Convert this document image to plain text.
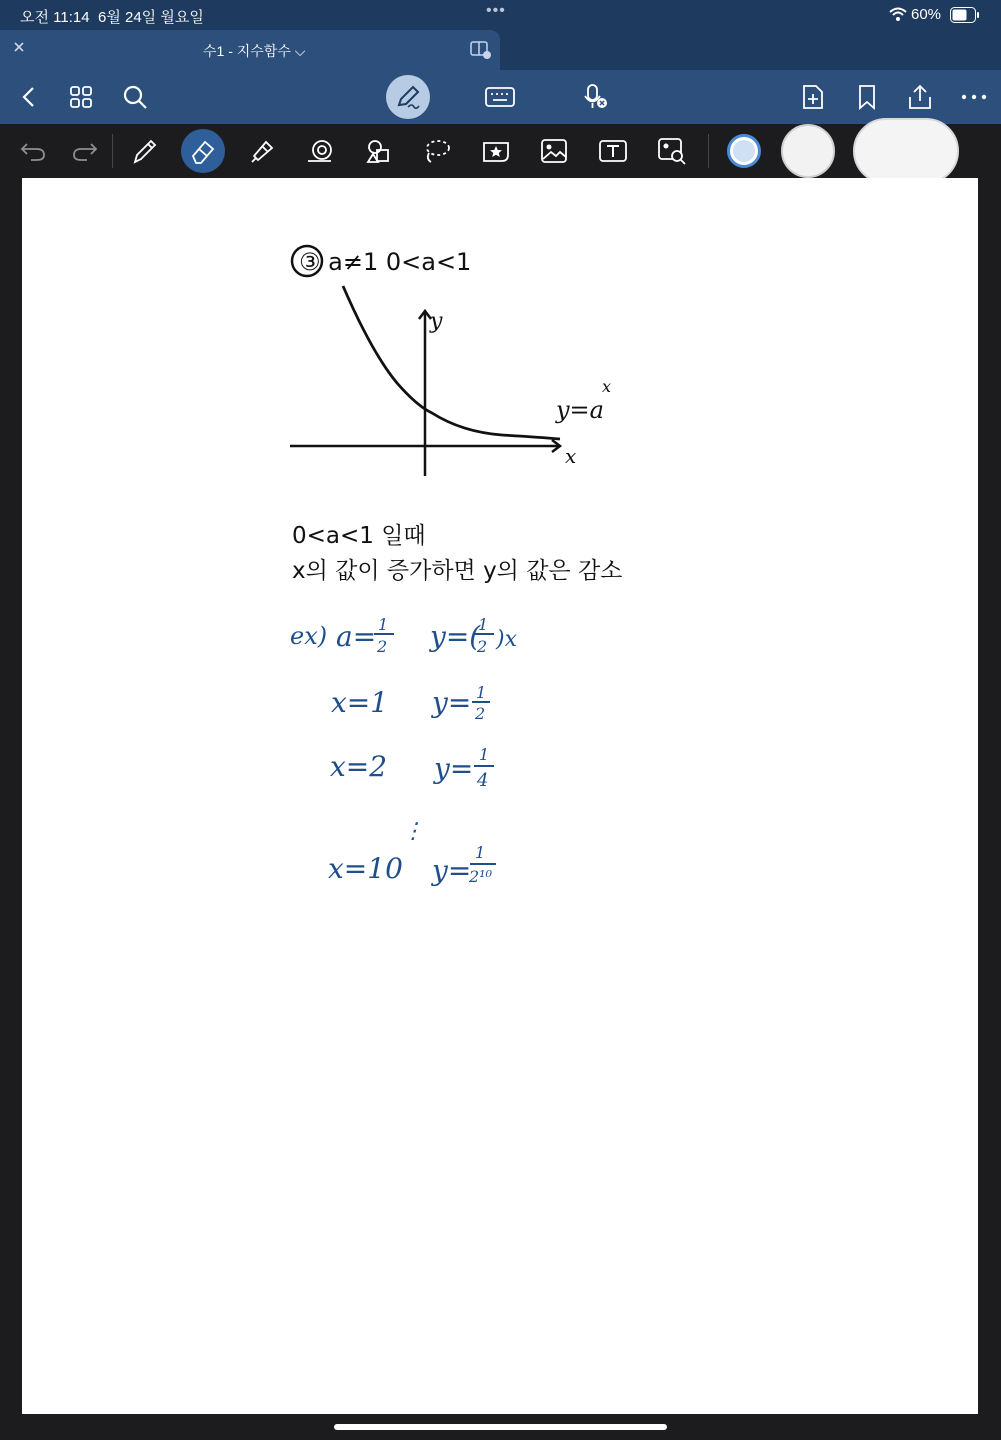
오전 11:14 6월 24일 월요일	•••	60%
수1 - 지수함수 ⌵
③ a≠1 0<a<1
y
x
y=a
x
0<a<1 일때
x의 값이 증가하면 y의 값은 감소
ex) a= 1
2 y=(
1
2 )x
x=1 y= 1
2
x=2 y= 1
4
⋮
x=10 y=
1
2¹⁰
